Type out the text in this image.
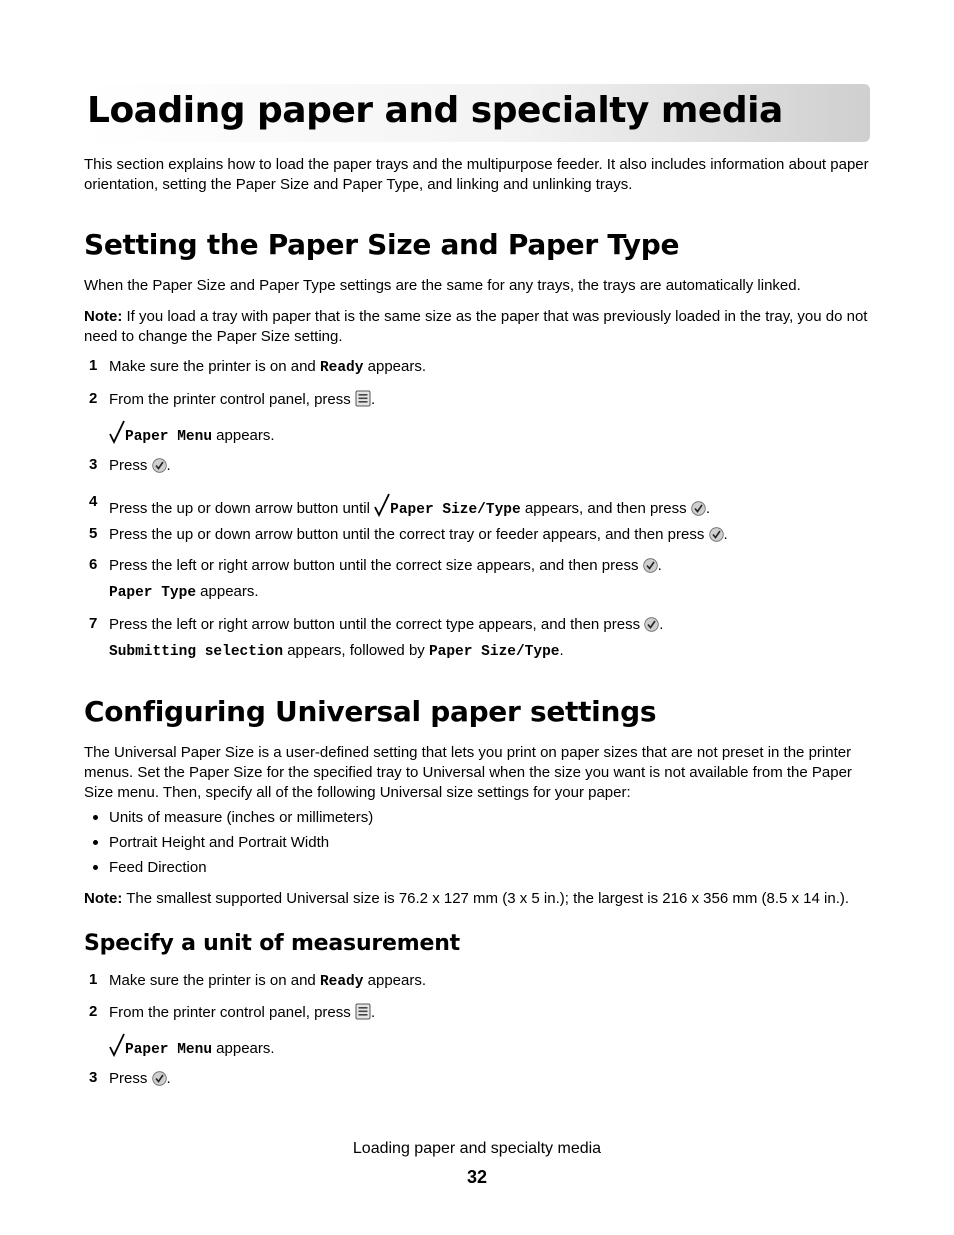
Loading paper and specialty media

This section explains how to load the paper trays and the multipurpose feeder. It also includes information about paper orientation, setting the Paper Size and Paper Type, and linking and unlinking trays.

Setting the Paper Size and Paper Type

When the Paper Size and Paper Type settings are the same for any trays, the trays are automatically linked.

Note: If you load a tray with paper that is the same size as the paper that was previously loaded in the tray, you do not need to change the Paper Size setting.

1 Make sure the printer is on and Ready appears.
2 From the printer control panel, press .
Paper Menu appears.
3 Press .
4 Press the up or down arrow button until Paper Size/Type appears, and then press .
5 Press the up or down arrow button until the correct tray or feeder appears, and then press .
6 Press the left or right arrow button until the correct size appears, and then press .
Paper Type appears.
7 Press the left or right arrow button until the correct type appears, and then press .
Submitting selection appears, followed by Paper Size/Type.
Configuring Universal paper settings

The Universal Paper Size is a user-defined setting that lets you print on paper sizes that are not preset in the printer menus. Set the Paper Size for the specified tray to Universal when the size you want is not available from the Paper Size menu. Then, specify all of the following Universal size settings for your paper:

Units of measure (inches or millimeters)
Portrait Height and Portrait Width
Feed Direction

Note: The smallest supported Universal size is 76.2 x 127 mm (3 x 5 in.); the largest is 216 x 356 mm (8.5 x 14 in.).

Specify a unit of measurement
1 Make sure the printer is on and Ready appears.
2 From the printer control panel, press .
Paper Menu appears.
3 Press .
Loading paper and specialty media
32
